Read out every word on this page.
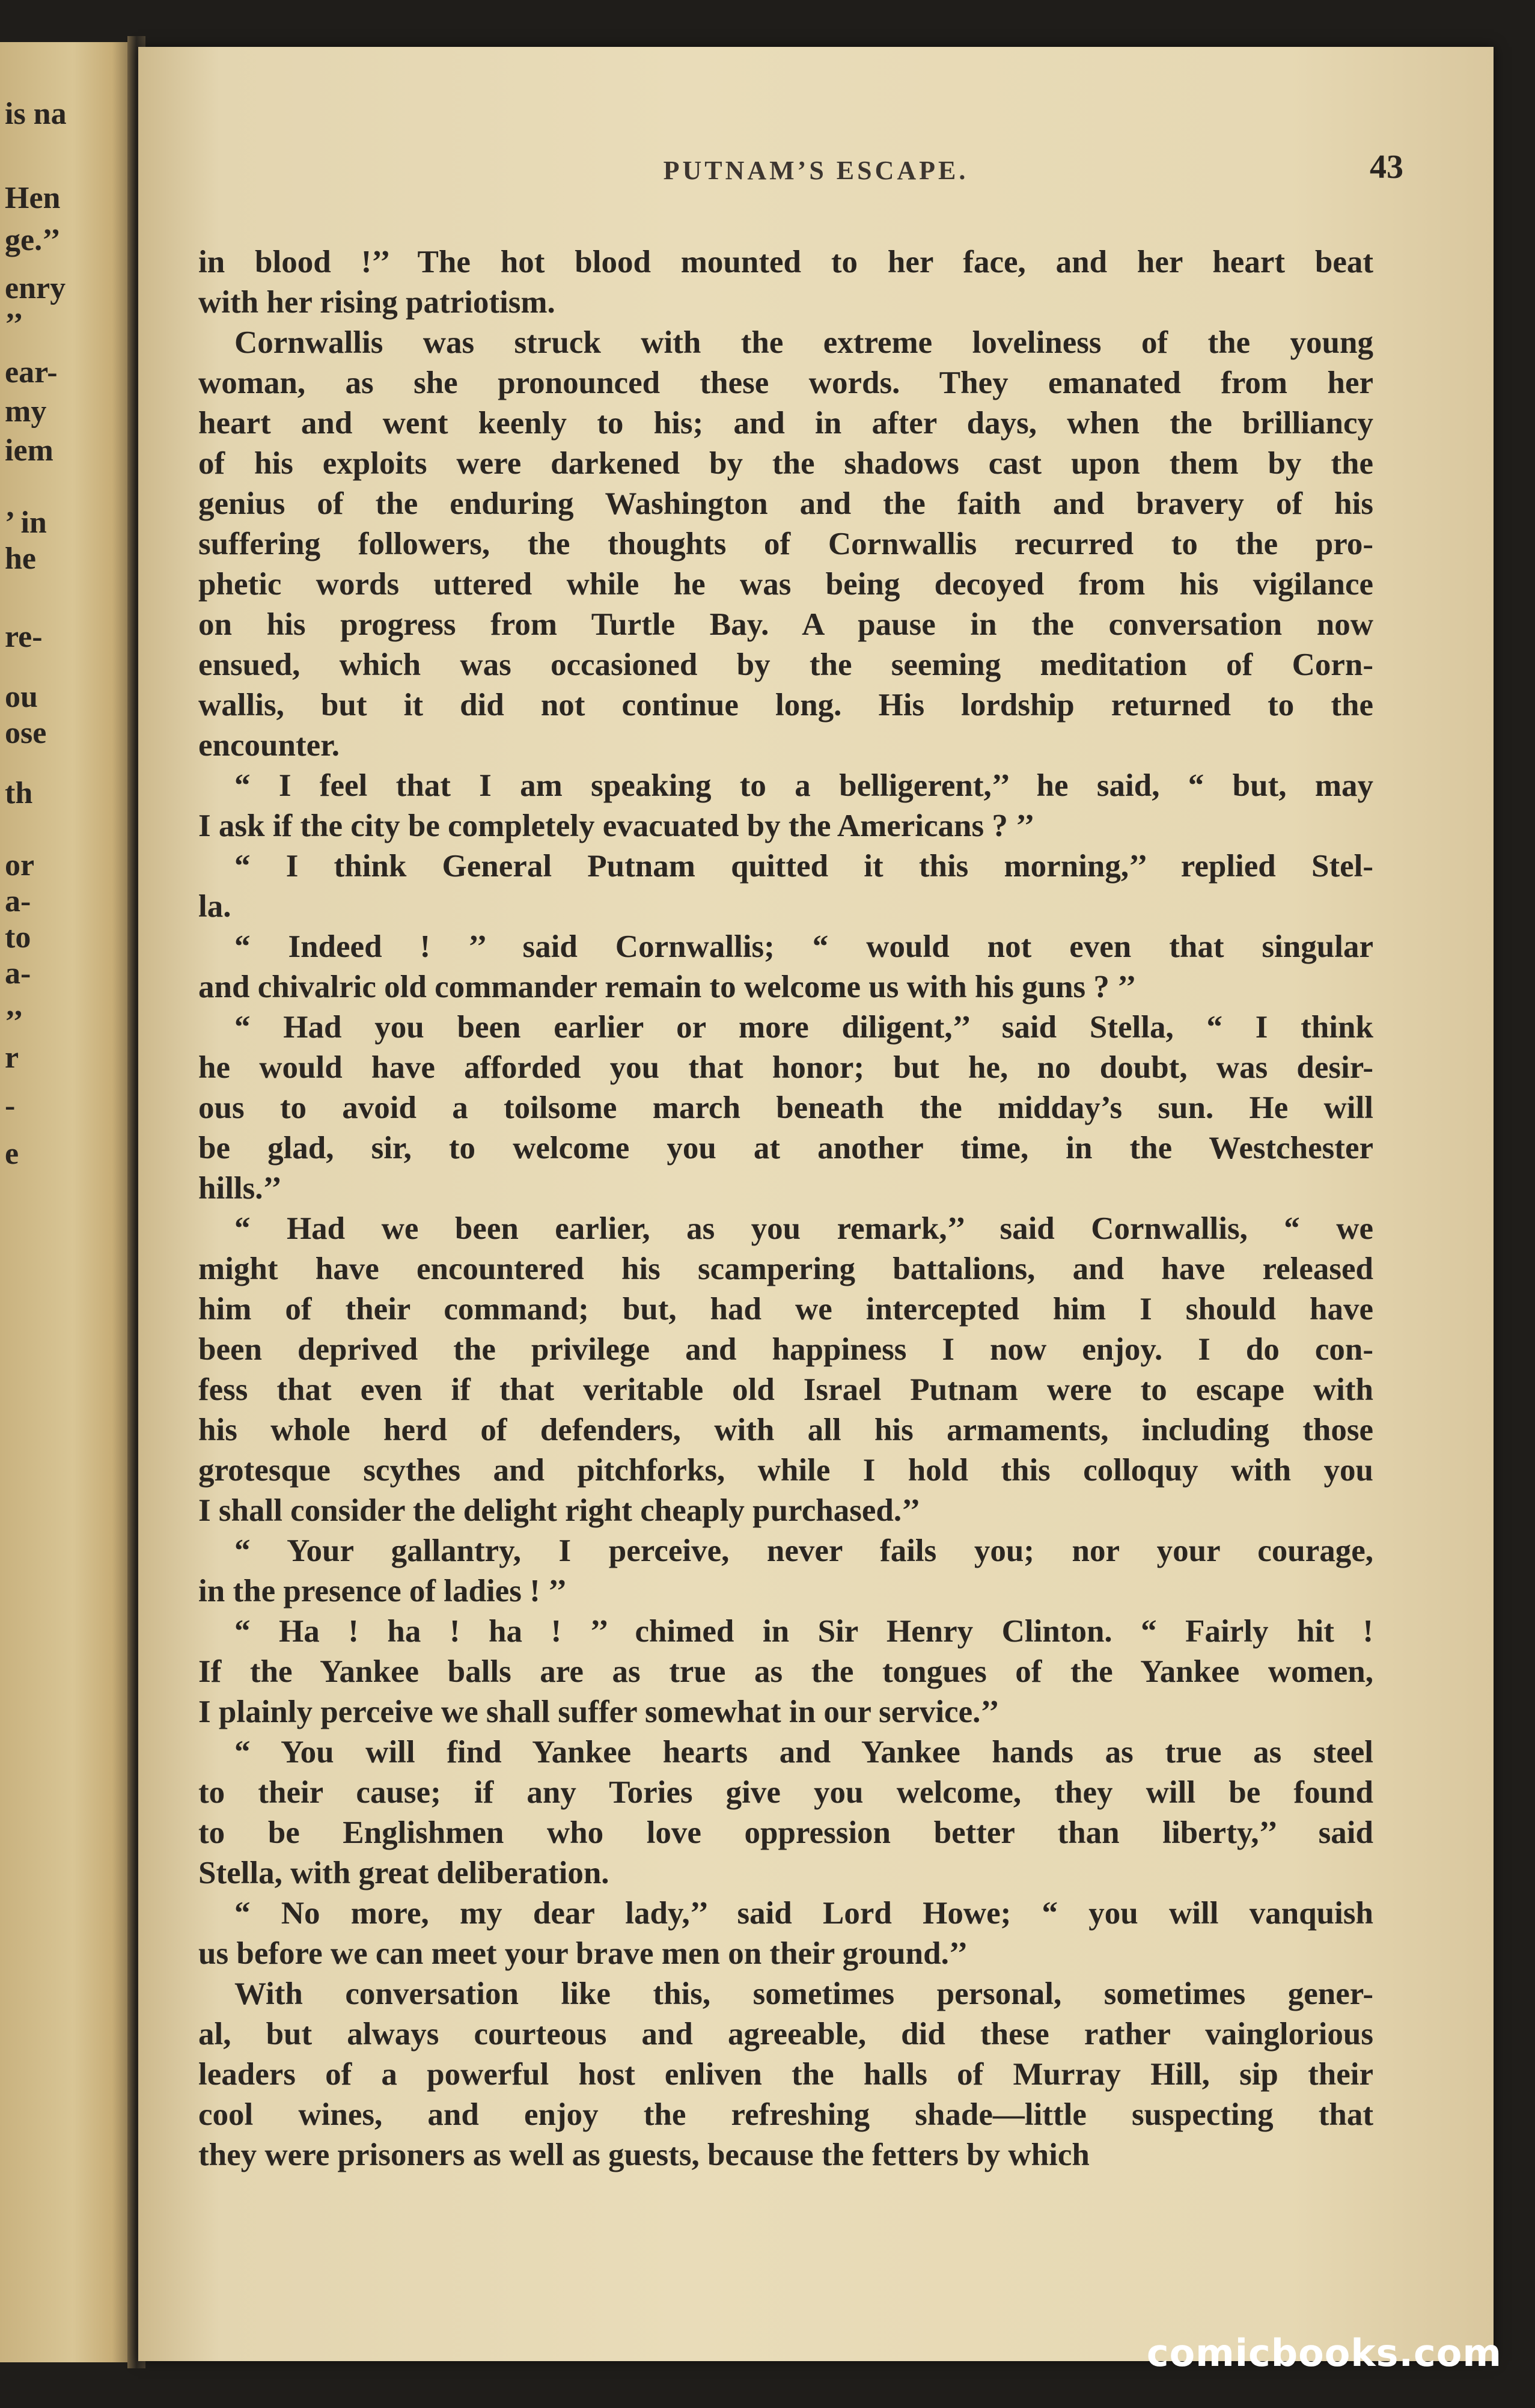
is na
Hen
ge.’’
enry
’’
ear-
my
iem
’ in
he
re-
ou
ose
th
or
a-
to
a-
’’
r
-
e
PUTNAM’S ESCAPE.	43
in blood !’’ The hot blood mounted to her face, and her heart beat
with her rising patriotism.
Cornwallis was struck with the extreme loveliness of the young
woman, as she pronounced these words. They emanated from her
heart and went keenly to his; and in after days, when the brilliancy
of his exploits were darkened by the shadows cast upon them by the
genius of the enduring Washington and the faith and bravery of his
suffering followers, the thoughts of Cornwallis recurred to the pro-
phetic words uttered while he was being decoyed from his vigilance
on his progress from Turtle Bay. A pause in the conversation now
ensued, which was occasioned by the seeming meditation of Corn-
wallis, but it did not continue long. His lordship returned to the
encounter.
“ I feel that I am speaking to a belligerent,’’ he said, “ but, may
I ask if the city be completely evacuated by the Americans ? ’’
“ I think General Putnam quitted it this morning,’’ replied Stel-
la.
“ Indeed ! ’’ said Cornwallis; “ would not even that singular
and chivalric old commander remain to welcome us with his guns ? ’’
“ Had you been earlier or more diligent,’’ said Stella, “ I think
he would have afforded you that honor; but he, no doubt, was desir-
ous to avoid a toilsome march beneath the midday’s sun. He will
be glad, sir, to welcome you at another time, in the Westchester
hills.’’
“ Had we been earlier, as you remark,’’ said Cornwallis, “ we
might have encountered his scampering battalions, and have released
him of their command; but, had we intercepted him I should have
been deprived the privilege and happiness I now enjoy. I do con-
fess that even if that veritable old Israel Putnam were to escape with
his whole herd of defenders, with all his armaments, including those
grotesque scythes and pitchforks, while I hold this colloquy with you
I shall consider the delight right cheaply purchased.’’
“ Your gallantry, I perceive, never fails you; nor your courage,
in the presence of ladies ! ’’
“ Ha ! ha ! ha ! ’’ chimed in Sir Henry Clinton. “ Fairly hit !
If the Yankee balls are as true as the tongues of the Yankee women,
I plainly perceive we shall suffer somewhat in our service.’’
“ You will find Yankee hearts and Yankee hands as true as steel
to their cause; if any Tories give you welcome, they will be found
to be Englishmen who love oppression better than liberty,’’ said
Stella, with great deliberation.
“ No more, my dear lady,’’ said Lord Howe; “ you will vanquish
us before we can meet your brave men on their ground.’’
With conversation like this, sometimes personal, sometimes gener-
al, but always courteous and agreeable, did these rather vainglorious
leaders of a powerful host enliven the halls of Murray Hill, sip their
cool wines, and enjoy the refreshing shade—little suspecting that
they were prisoners as well as guests, because the fetters by which
comicbooks.com
